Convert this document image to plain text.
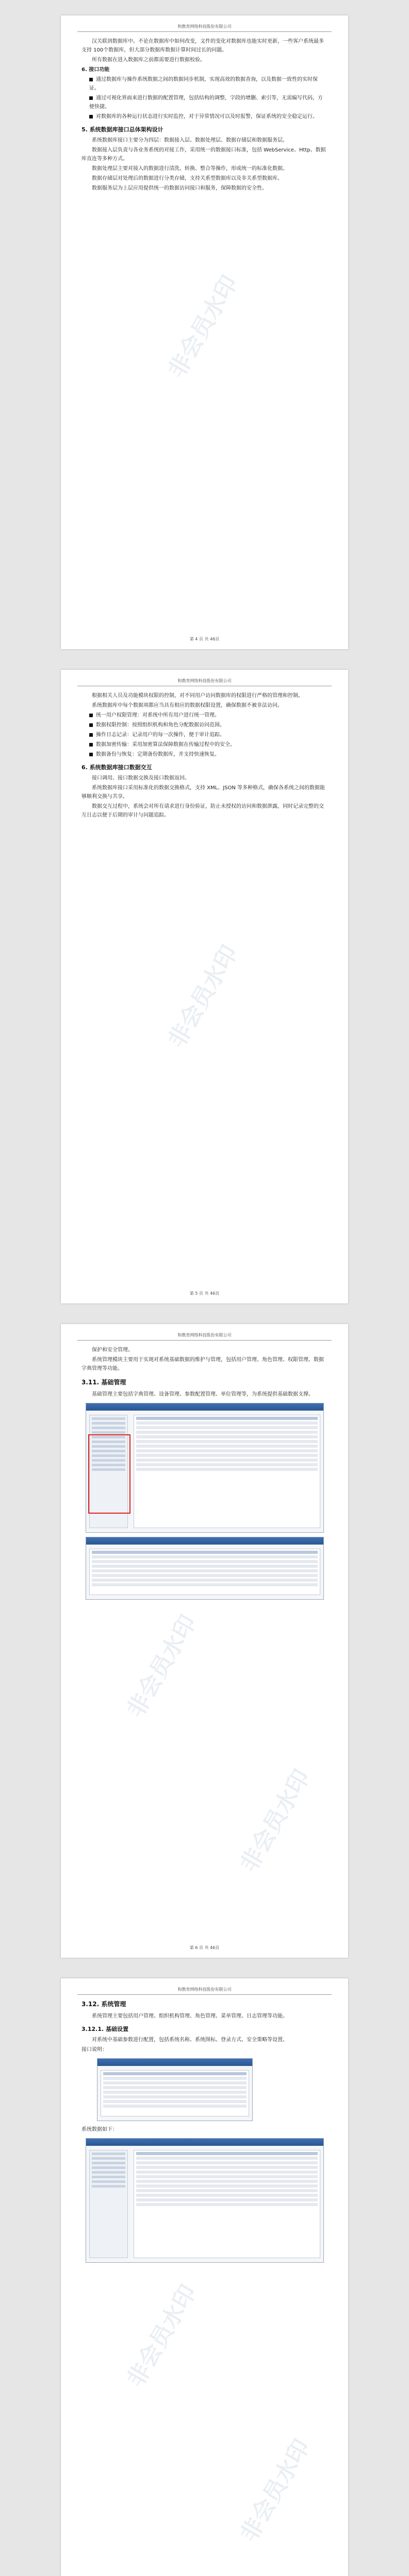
和教育网络科技股份有限公司

汉关联到数据库中。不论在数据库中如何改变，文件的变化对数据库也能实时更新，一些客户系统最多支持 100个数据库，但大部分数据库数据计算时间过长的问题。

所有数据在进入数据库之前都需要进行数据校验。

6. 接口功能

通过数据库与操作系统数据之间的数据同步机制，实现高效的数据查询，以及数据一致性的实时保证。

通过可视化界面来进行数据的配置管理，包括结构的调整，字段的增删、索引等，无需编写代码，方便快捷。

对数据库的各种运行状态进行实时监控，对于异常情况可以及时报警，保证系统的安全稳定运行。

5. 系统数据库接口总体架构设计

系统数据库接口主要分为四层：数据接入层、数据处理层、数据存储层和数据服务层。

数据接入层负责与各业务系统的对接工作，采用统一的数据接口标准，包括 WebService、Http、数据库直连等多种方式。

数据处理层主要对接入的数据进行清洗、转换、整合等操作，形成统一的标准化数据。

数据存储层对处理后的数据进行分类存储，支持关系型数据库以及非关系型数据库。

数据服务层为上层应用提供统一的数据访问接口和服务，保障数据的安全性。

第 4 页 共 46页
和教育网络科技股份有限公司

根据相关人员及功能模块权限的控制，对不同用户访问数据库的权限进行严格的管理和控制。

系统数据库中每个数据项都应当具有相应的数据权限设置，确保数据不被非法访问。

统一用户权限管理：对系统中所有用户进行统一管理。

数据权限控制：按照组织机构和角色分配数据访问范围。

操作日志记录：记录用户的每一次操作，便于审计追踪。

数据加密传输：采用加密算法保障数据在传输过程中的安全。

数据备份与恢复：定期备份数据库，并支持快速恢复。

6. 系统数据库接口数据交互

接口调用、接口数据交换及接口数据返回。

系统数据库接口采用标准化的数据交换格式，支持 XML、JSON 等多种格式，确保各系统之间的数据能够顺利交换与共享。

数据交互过程中，系统会对所有请求进行身份验证，防止未授权的访问和数据泄露，同时记录完整的交互日志以便于后期的审计与问题追踪。

第 5 页 共 46页
和教育网络科技股份有限公司

保护和安全管理。

系统管理模块主要用于实现对系统基础数据的维护与管理，包括用户管理、角色管理、权限管理、数据字典管理等功能。

3.11. 基础管理

基础管理主要包括字典管理、设备管理、参数配置管理、单位管理等，为系统提供基础数据支撑。

第 6 页 共 46页
和教育网络科技股份有限公司
3.12. 系统管理

系统管理主要包括用户管理、组织机构管理、角色管理、菜单管理、日志管理等功能。

3.12.1. 基础设置

对系统中基础参数进行配置，包括系统名称、系统图标、登录方式、安全策略等设置。

接口说明：

系统数据如下：
